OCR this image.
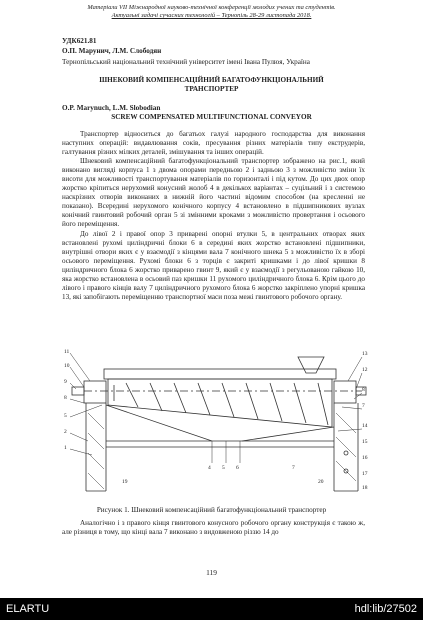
Матеріали VII Міжнародної науково-технічної конференції молодих учених та студентів.
Актуальні задачі сучасних технологій – Тернопіль 28-29 листопада 2018.
УДК621.81
О.П. Марунич, Л.М. Слободян
Тернопільський національний технічний університет імені Івана Пулюя, Україна
ШНЕКОВИЙ КОМПЕНСАЦІЙНИЙ БАГАТОФУНКЦІОНАЛЬНИЙ
ТРАНСПОРТЕР
O.P. Marynuch, L.M. Slobodian
SCREW COMPENSATED MULTIFUNCTIONAL CONVEYOR

Транспортер відноситься до багатьох галузі народного господарства для виконання наступних операцій: видавлювання соків, пресування різних матеріалів типу екструдерів, галтування різних мілких деталей, змішування та інших операцій.

Шнековий компенсаційний багатофункціональний транспортер зображено на рис.1, який виконано вигляді корпуса 1 з двома опорами передньою 2 і задньою 3 з можливістю зміни їх висоти для можливості транспортування матеріалів по горизонталі і під кутом. До цих двох опор жорстко кріпиться нерухомий конусний жолоб 4 в декількох варіантах – суцільний і з системою наскрізних отворів виконаних в нижній його частині відомим способом (на кресленні не показано). Всередині нерухомого конічного корпусу 4 встановлено в підшипникових вузлах конічний гвинтовий робочий орган 5 зі змінними кроками з можливістю провертання і осьового його переміщення.

До лівої 2 і правої опор 3 приварені опорні втулки 5, в центральних отворах яких встановлені рухомі циліндричні блоки 6 в середині яких жорстко встановлені підшипники, внутрішні отвори яких є у взаємодії з кінцями вала 7 конічного шнека 5 з можливістю їх в зборі осьового переміщення. Рухомі блоки 6 з торців є закриті кришками і до лівої кришки 8 циліндричного блока 6 жорстко приварено гвинт 9, який є у взаємодії з регульованою гайкою 10, яка жорстко встановлена в осьовий паз кришки 11 рухомого циліндричного блока 6. Крім цього до лівого і правого кінців валу 7 циліндричного рухомого блока 6 жорстко закріплено упорні кришка 13, які запобігають переміщенню транспортної маси поза межі гвинтового робочого органу.

11
10
9
8
5
2
1
4 5 6	7
13
12
8
7
14
15
16
17
18
19	20
Рисунок 1. Шнековий компенсаційний багатофункціональний транспортер

Аналогічно і з правого кінця гвинтового конусного робочого органу конструкція є такою ж, але різниця в тому, що кінці вала 7 виконано з видовженою різзю 14 до

119
ELARTU	hdl:lib/27502
